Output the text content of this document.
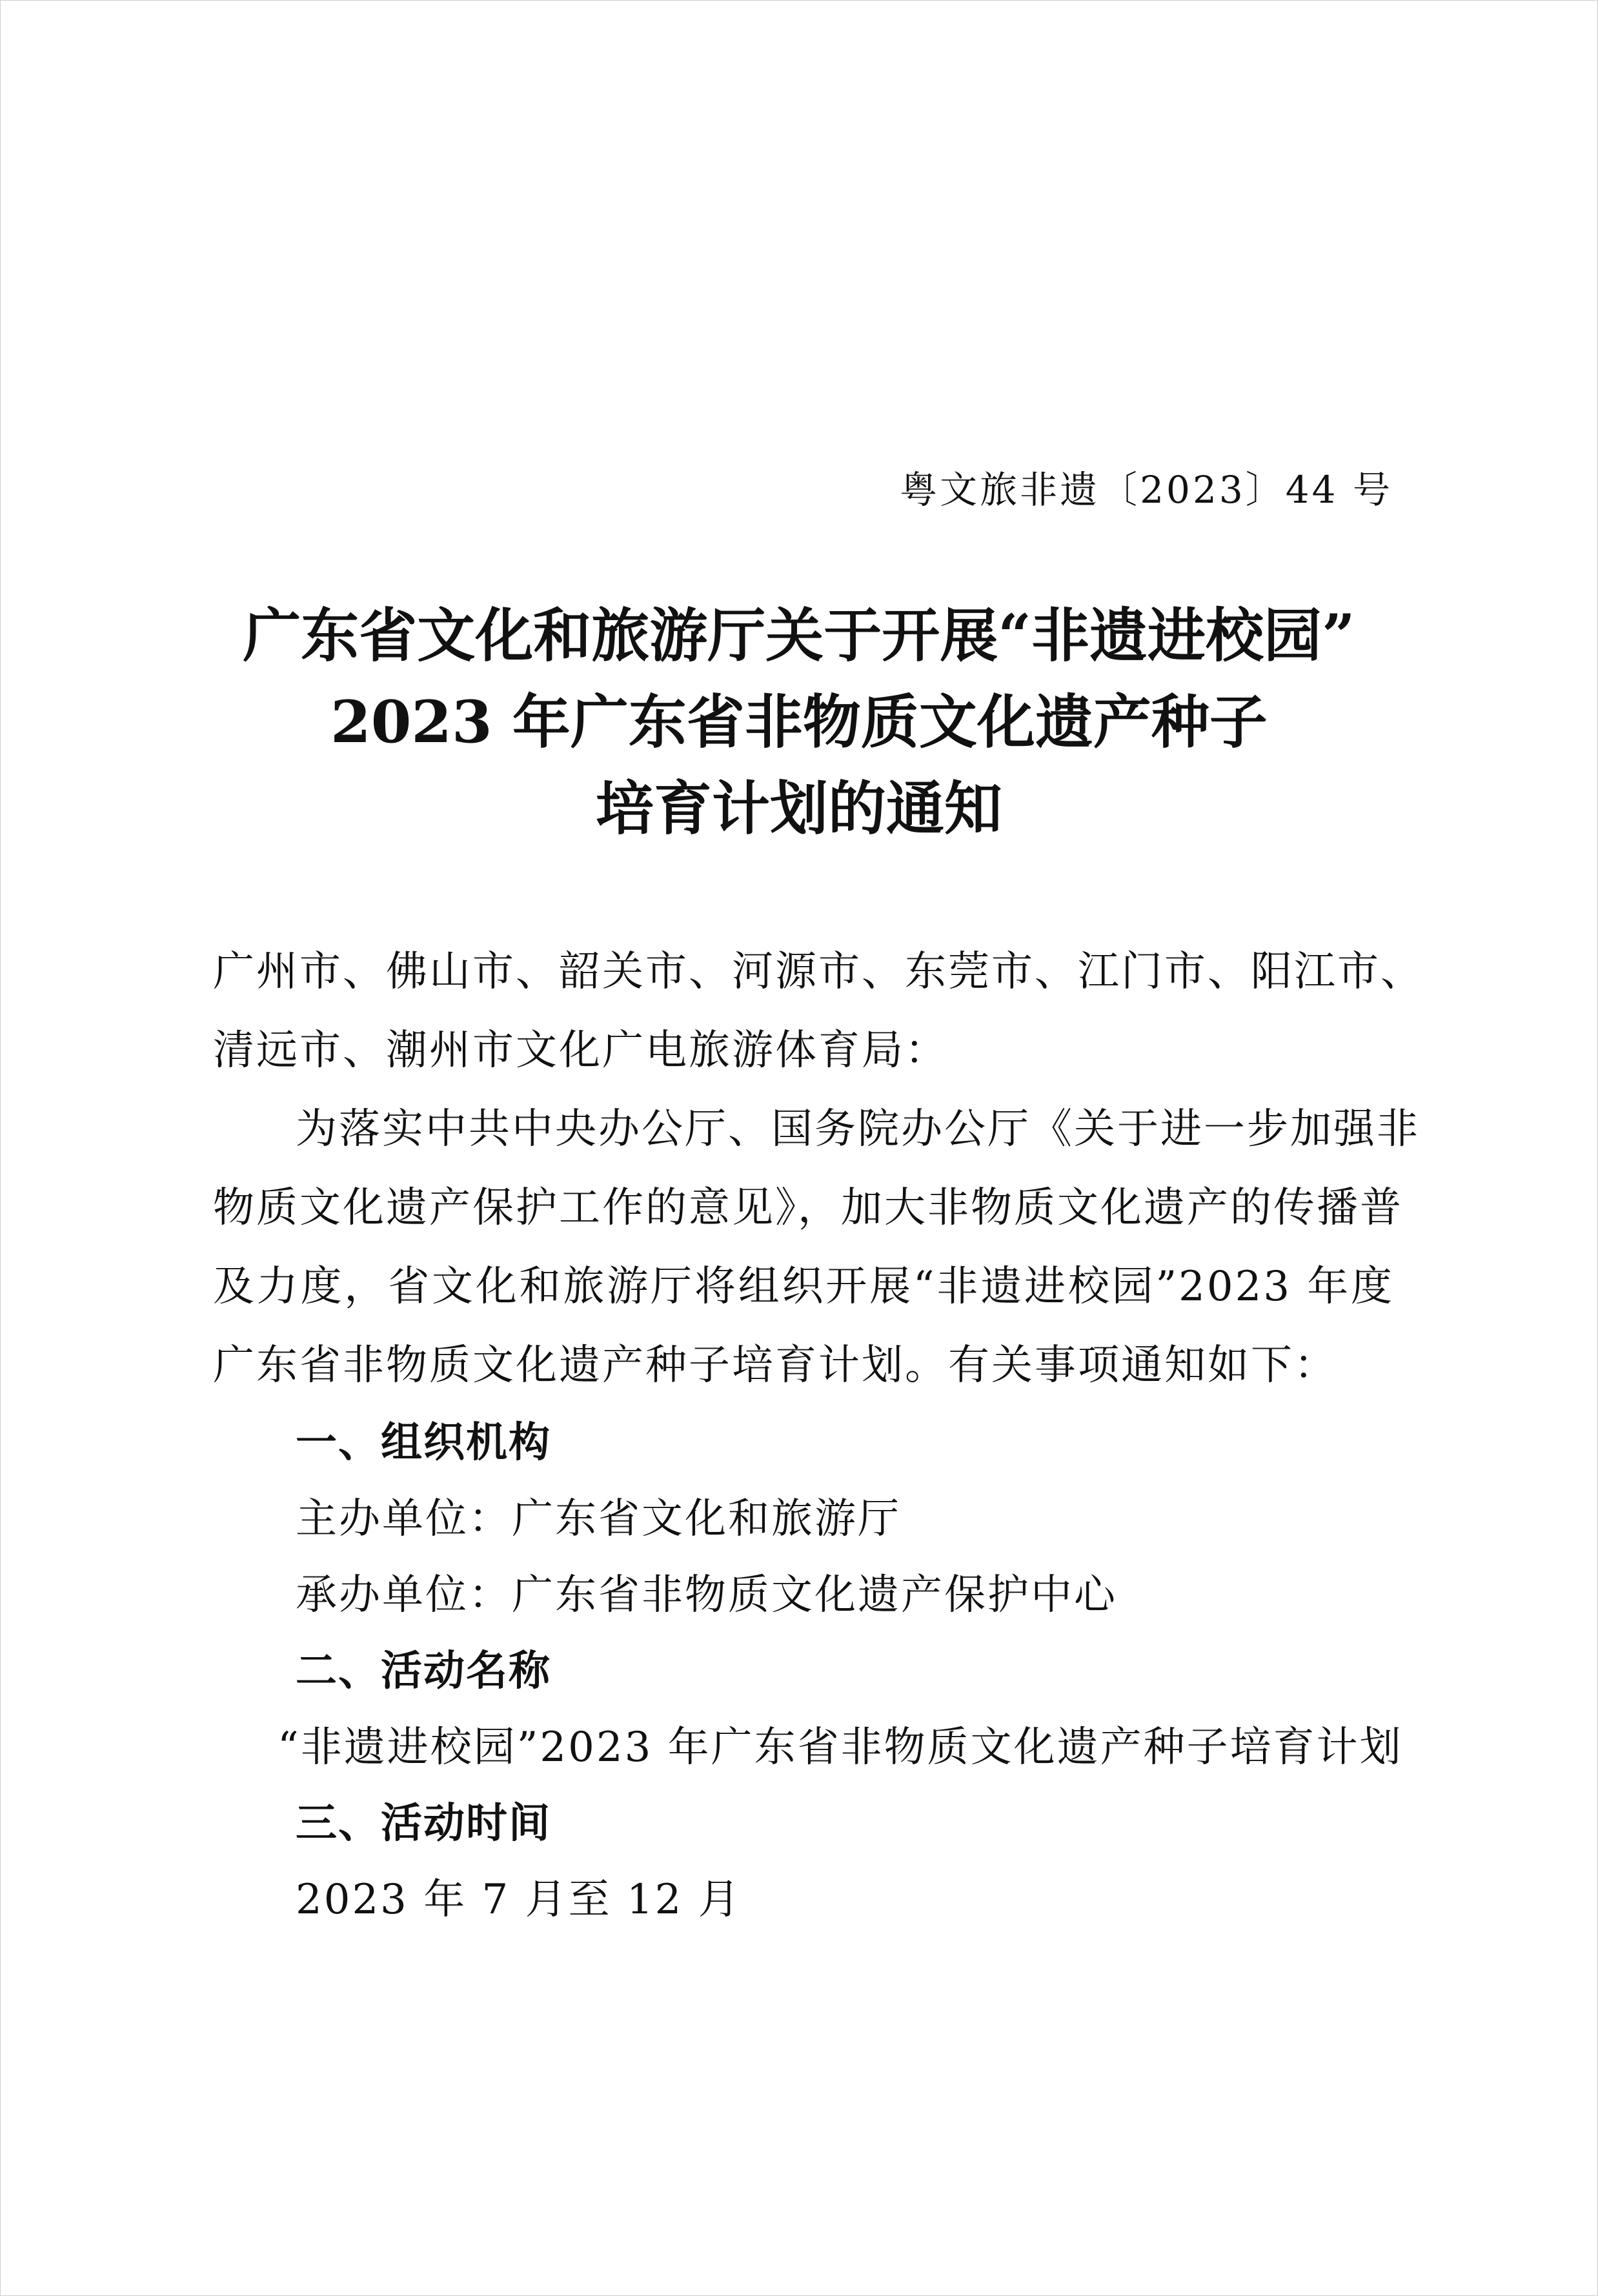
粤文旅非遗〔2023〕44 号
广东省文化和旅游厅关于开展“非遗进校园”
2023 年广东省非物质文化遗产种子
培育计划的通知
广州市、佛山市、韶关市、河源市、东莞市、江门市、阳江市、
清远市、潮州市文化广电旅游体育局：
为落实中共中央办公厅、国务院办公厅《关于进一步加强非
物质文化遗产保护工作的意见》，加大非物质文化遗产的传播普
及力度，省文化和旅游厅将组织开展“非遗进校园”2023 年度
广东省非物质文化遗产种子培育计划。有关事项通知如下：
一、组织机构
主办单位：广东省文化和旅游厅
承办单位：广东省非物质文化遗产保护中心
二、活动名称
“非遗进校园”2023 年广东省非物质文化遗产种子培育计划
三、活动时间
2023 年 7 月至 12 月
